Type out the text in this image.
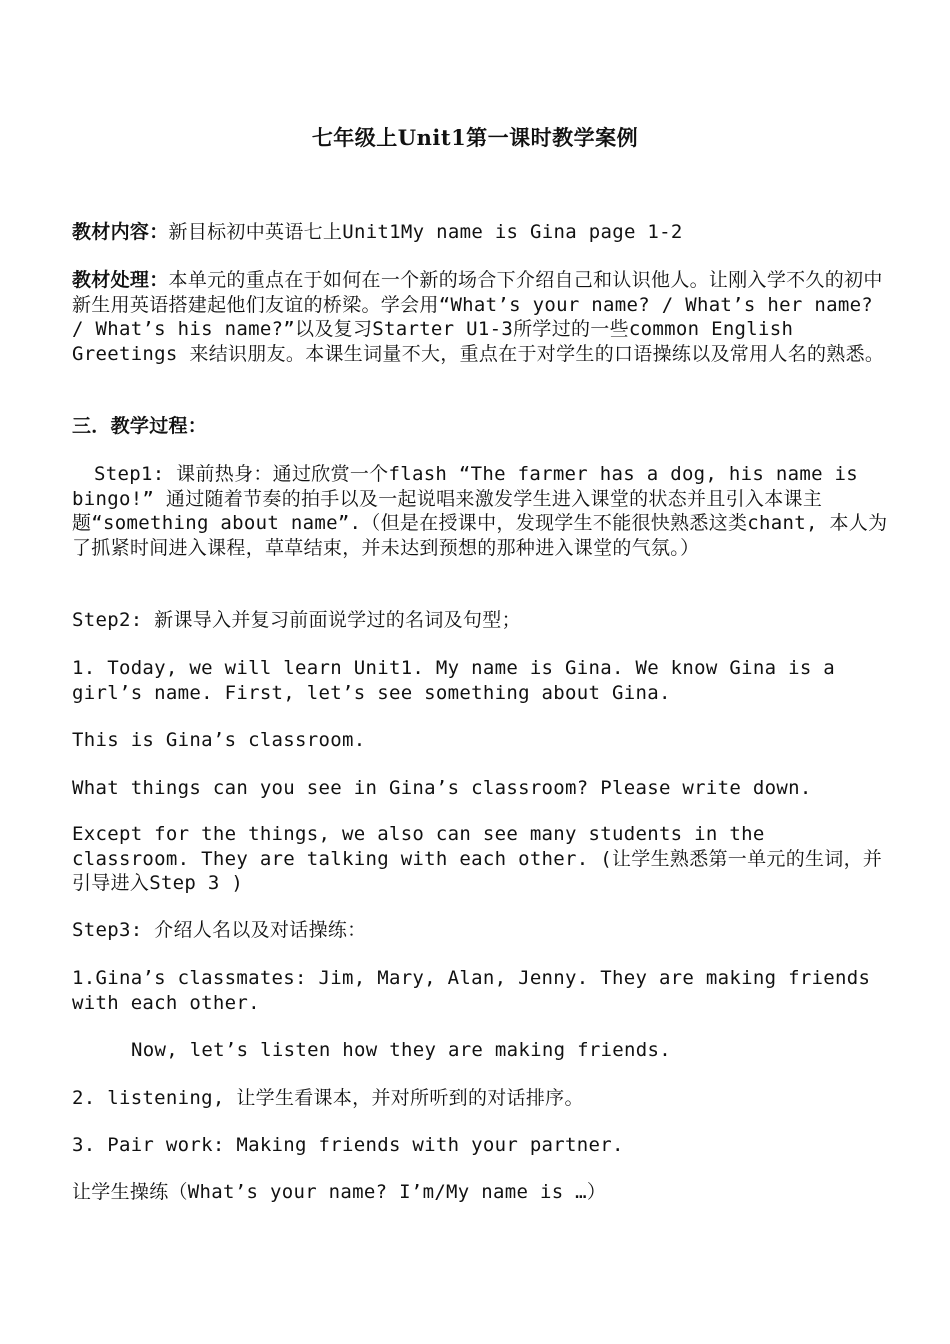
七年级上Unit1第一课时教学案例

教材内容：新目标初中英语七上Unit1My name is Gina page 1-2

教材处理：本单元的重点在于如何在一个新的场合下介绍自己和认识他人。让刚入学不久的初中新生用英语搭建起他们友谊的桥梁。学会用“What’s your name? / What’s her name? / What’s his name?”以及复习Starter U1-3所学过的一些common English Greetings 来结识朋友。本课生词量不大，重点在于对学生的口语操练以及常用人名的熟悉。

三．教学过程：

Step1: 课前热身：通过欣赏一个flash “The farmer has a dog, his name is bingo!” 通过随着节奏的拍手以及一起说唱来激发学生进入课堂的状态并且引入本课主题“something about name”.（但是在授课中，发现学生不能很快熟悉这类chant, 本人为了抓紧时间进入课程，草草结束，并未达到预想的那种进入课堂的气氛。）

Step2: 新课导入并复习前面说学过的名词及句型；

1. Today, we will learn Unit1. My name is Gina. We know Gina is a girl’s name. First, let’s see something about Gina.

This is Gina’s classroom.

What things can you see in Gina’s classroom? Please write down.

Except for the things, we also can see many students in the classroom. They are talking with each other. (让学生熟悉第一单元的生词，并引导进入Step 3 )

Step3: 介绍人名以及对话操练：

1.Gina’s classmates: Jim, Mary, Alan, Jenny. They are making friends with each other.

Now, let’s listen how they are making friends.

2. listening, 让学生看课本，并对所听到的对话排序。

3. Pair work: Making friends with your partner.

让学生操练（What’s your name? I’m/My name is …）
